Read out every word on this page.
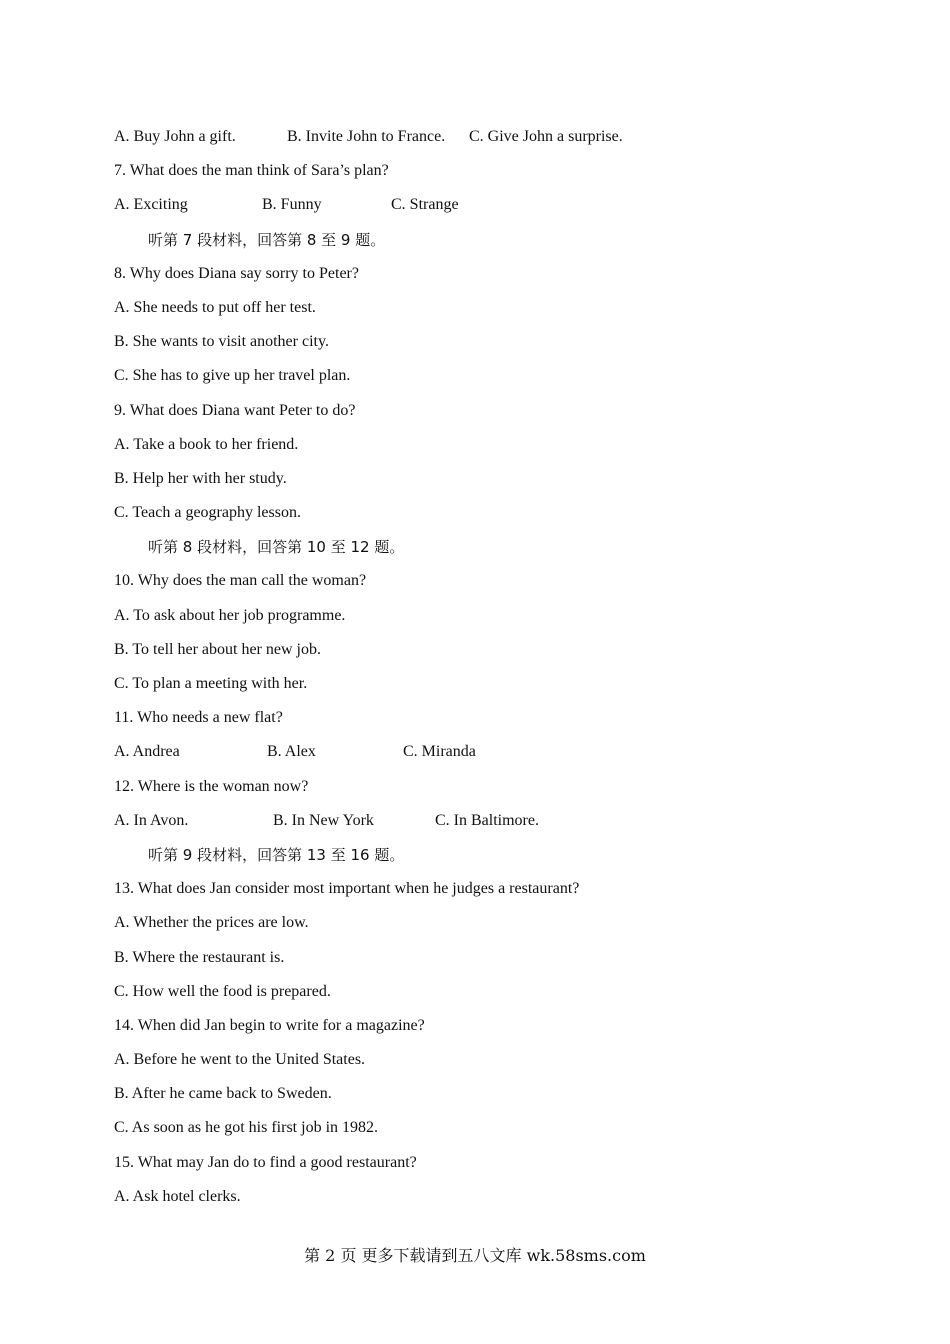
A. Buy John a gift.	B. Invite John to France. C. Give John a surprise.
7. What does the man think of Sara’s plan?
A. Exciting	B. Funny	C. Strange
听第 7 段材料，回答第 8 至 9 题。
8. Why does Diana say sorry to Peter?
A. She needs to put off her test.
B. She wants to visit another city.
C. She has to give up her travel plan.
9. What does Diana want Peter to do?
A. Take a book to her friend.
B. Help her with her study.
C. Teach a geography lesson.
听第 8 段材料，回答第 10 至 12 题。
10. Why does the man call the woman?
A. To ask about her job programme.
B. To tell her about her new job.
C. To plan a meeting with her.
11. Who needs a new flat?
A. Andrea	B. Alex	C. Miranda
12. Where is the woman now?
A. In Avon.	B. In New York	C. In Baltimore.
听第 9 段材料，回答第 13 至 16 题。
13. What does Jan consider most important when he judges a restaurant?
A. Whether the prices are low.
B. Where the restaurant is.
C. How well the food is prepared.
14. When did Jan begin to write for a magazine?
A. Before he went to the United States.
B. After he came back to Sweden.
C. As soon as he got his first job in 1982.
15. What may Jan do to find a good restaurant?
A. Ask hotel clerks.
第 2 页 更多下载请到五八文库 wk.58sms.com
